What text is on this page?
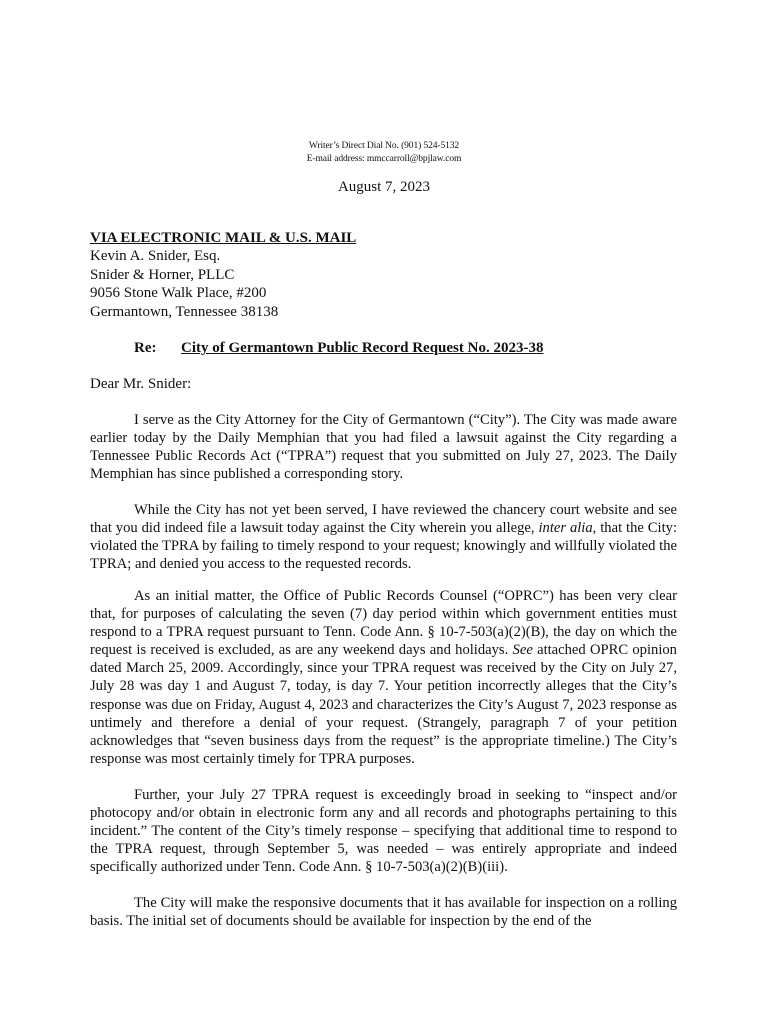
Writer’s Direct Dial No. (901) 524-5132
E-mail address: mmccarroll@bpjlaw.com
August 7, 2023
VIA ELECTRONIC MAIL & U.S. MAIL
Kevin A. Snider, Esq.
Snider & Horner, PLLC
9056 Stone Walk Place, #200
Germantown, Tennessee 38138
Re: City of Germantown Public Record Request No. 2023-38
Dear Mr. Snider:

I serve as the City Attorney for the City of Germantown (“City”). The City was made aware earlier today by the Daily Memphian that you had filed a lawsuit against the City regarding a Tennessee Public Records Act (“TPRA”) request that you submitted on July 27, 2023. The Daily Memphian has since published a corresponding story.

While the City has not yet been served, I have reviewed the chancery court website and see that you did indeed file a lawsuit today against the City wherein you allege, inter alia, that the City: violated the TPRA by failing to timely respond to your request; knowingly and willfully violated the TPRA; and denied you access to the requested records.

As an initial matter, the Office of Public Records Counsel (“OPRC”) has been very clear that, for purposes of calculating the seven (7) day period within which government entities must respond to a TPRA request pursuant to Tenn. Code Ann. § 10-7-503(a)(2)(B), the day on which the request is received is excluded, as are any weekend days and holidays. See attached OPRC opinion dated March 25, 2009. Accordingly, since your TPRA request was received by the City on July 27, July 28 was day 1 and August 7, today, is day 7. Your petition incorrectly alleges that the City’s response was due on Friday, August 4, 2023 and characterizes the City’s August 7, 2023 response as untimely and therefore a denial of your request. (Strangely, paragraph 7 of your petition acknowledges that “seven business days from the request” is the appropriate timeline.) The City’s response was most certainly timely for TPRA purposes.

Further, your July 27 TPRA request is exceedingly broad in seeking to “inspect and/or photocopy and/or obtain in electronic form any and all records and photographs pertaining to this incident.” The content of the City’s timely response – specifying that additional time to respond to the TPRA request, through September 5, was needed – was entirely appropriate and indeed specifically authorized under Tenn. Code Ann. § 10-7-503(a)(2)(B)(iii).

The City will make the responsive documents that it has available for inspection on a rolling basis. The initial set of documents should be available for inspection by the end of the
